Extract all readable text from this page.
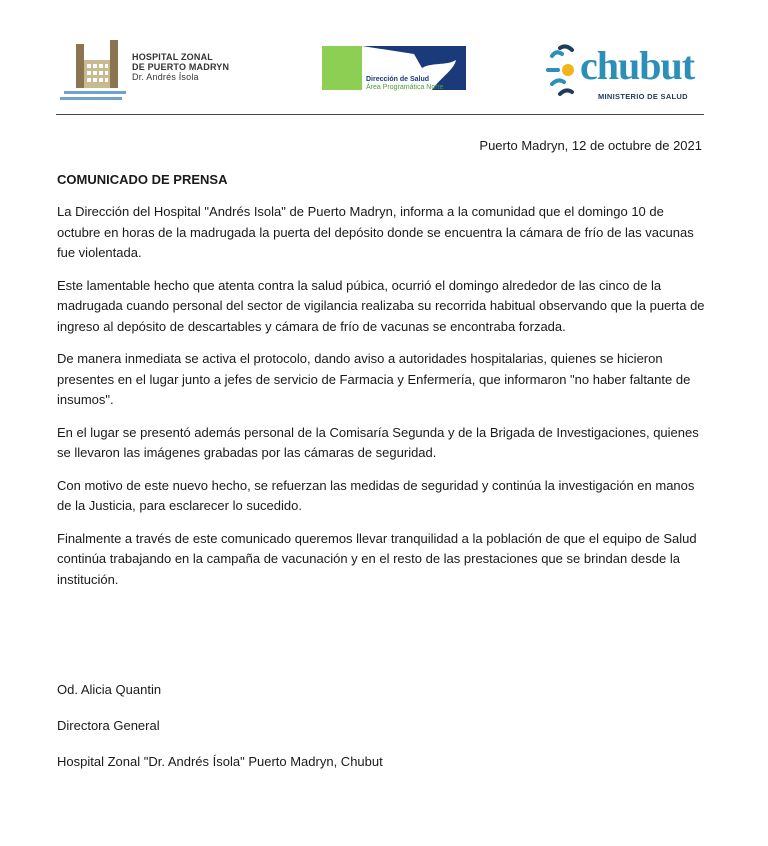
HOSPITAL ZONAL
DE PUERTO MADRYN
Dr. Andrés Ísola	Dirección de Salud
Área Programática Norte	chubut
MINISTERIO DE SALUD
Puerto Madryn, 12 de octubre de 2021
COMUNICADO DE PRENSA

La Dirección del Hospital "Andrés Isola" de Puerto Madryn, informa a la comunidad que el domingo 10 de octubre en horas de la madrugada la puerta del depósito donde se encuentra la cámara de frío de las vacunas fue violentada.

Este lamentable hecho que atenta contra la salud púbica, ocurrió el domingo alrededor de las cinco de la madrugada cuando personal del sector de vigilancia realizaba su recorrida habitual observando que la puerta de ingreso al depósito de descartables y cámara de frío de vacunas se encontraba forzada.

De manera inmediata se activa el protocolo, dando aviso a autoridades hospitalarias, quienes se hicieron presentes en el lugar junto a jefes de servicio de Farmacia y Enfermería, que informaron "no haber faltante de insumos".

En el lugar se presentó además personal de la Comisaría Segunda y de la Brigada de Investigaciones, quienes se llevaron las imágenes grabadas por las cámaras de seguridad.

Con motivo de este nuevo hecho, se refuerzan las medidas de seguridad y continúa la investigación en manos de la Justicia, para esclarecer lo sucedido.

Finalmente a través de este comunicado queremos llevar tranquilidad a la población de que el equipo de Salud continúa trabajando en la campaña de vacunación y en el resto de las prestaciones que se brindan desde la institución.

Od. Alicia Quantin

Directora General

Hospital Zonal "Dr. Andrés Ísola" Puerto Madryn, Chubut
